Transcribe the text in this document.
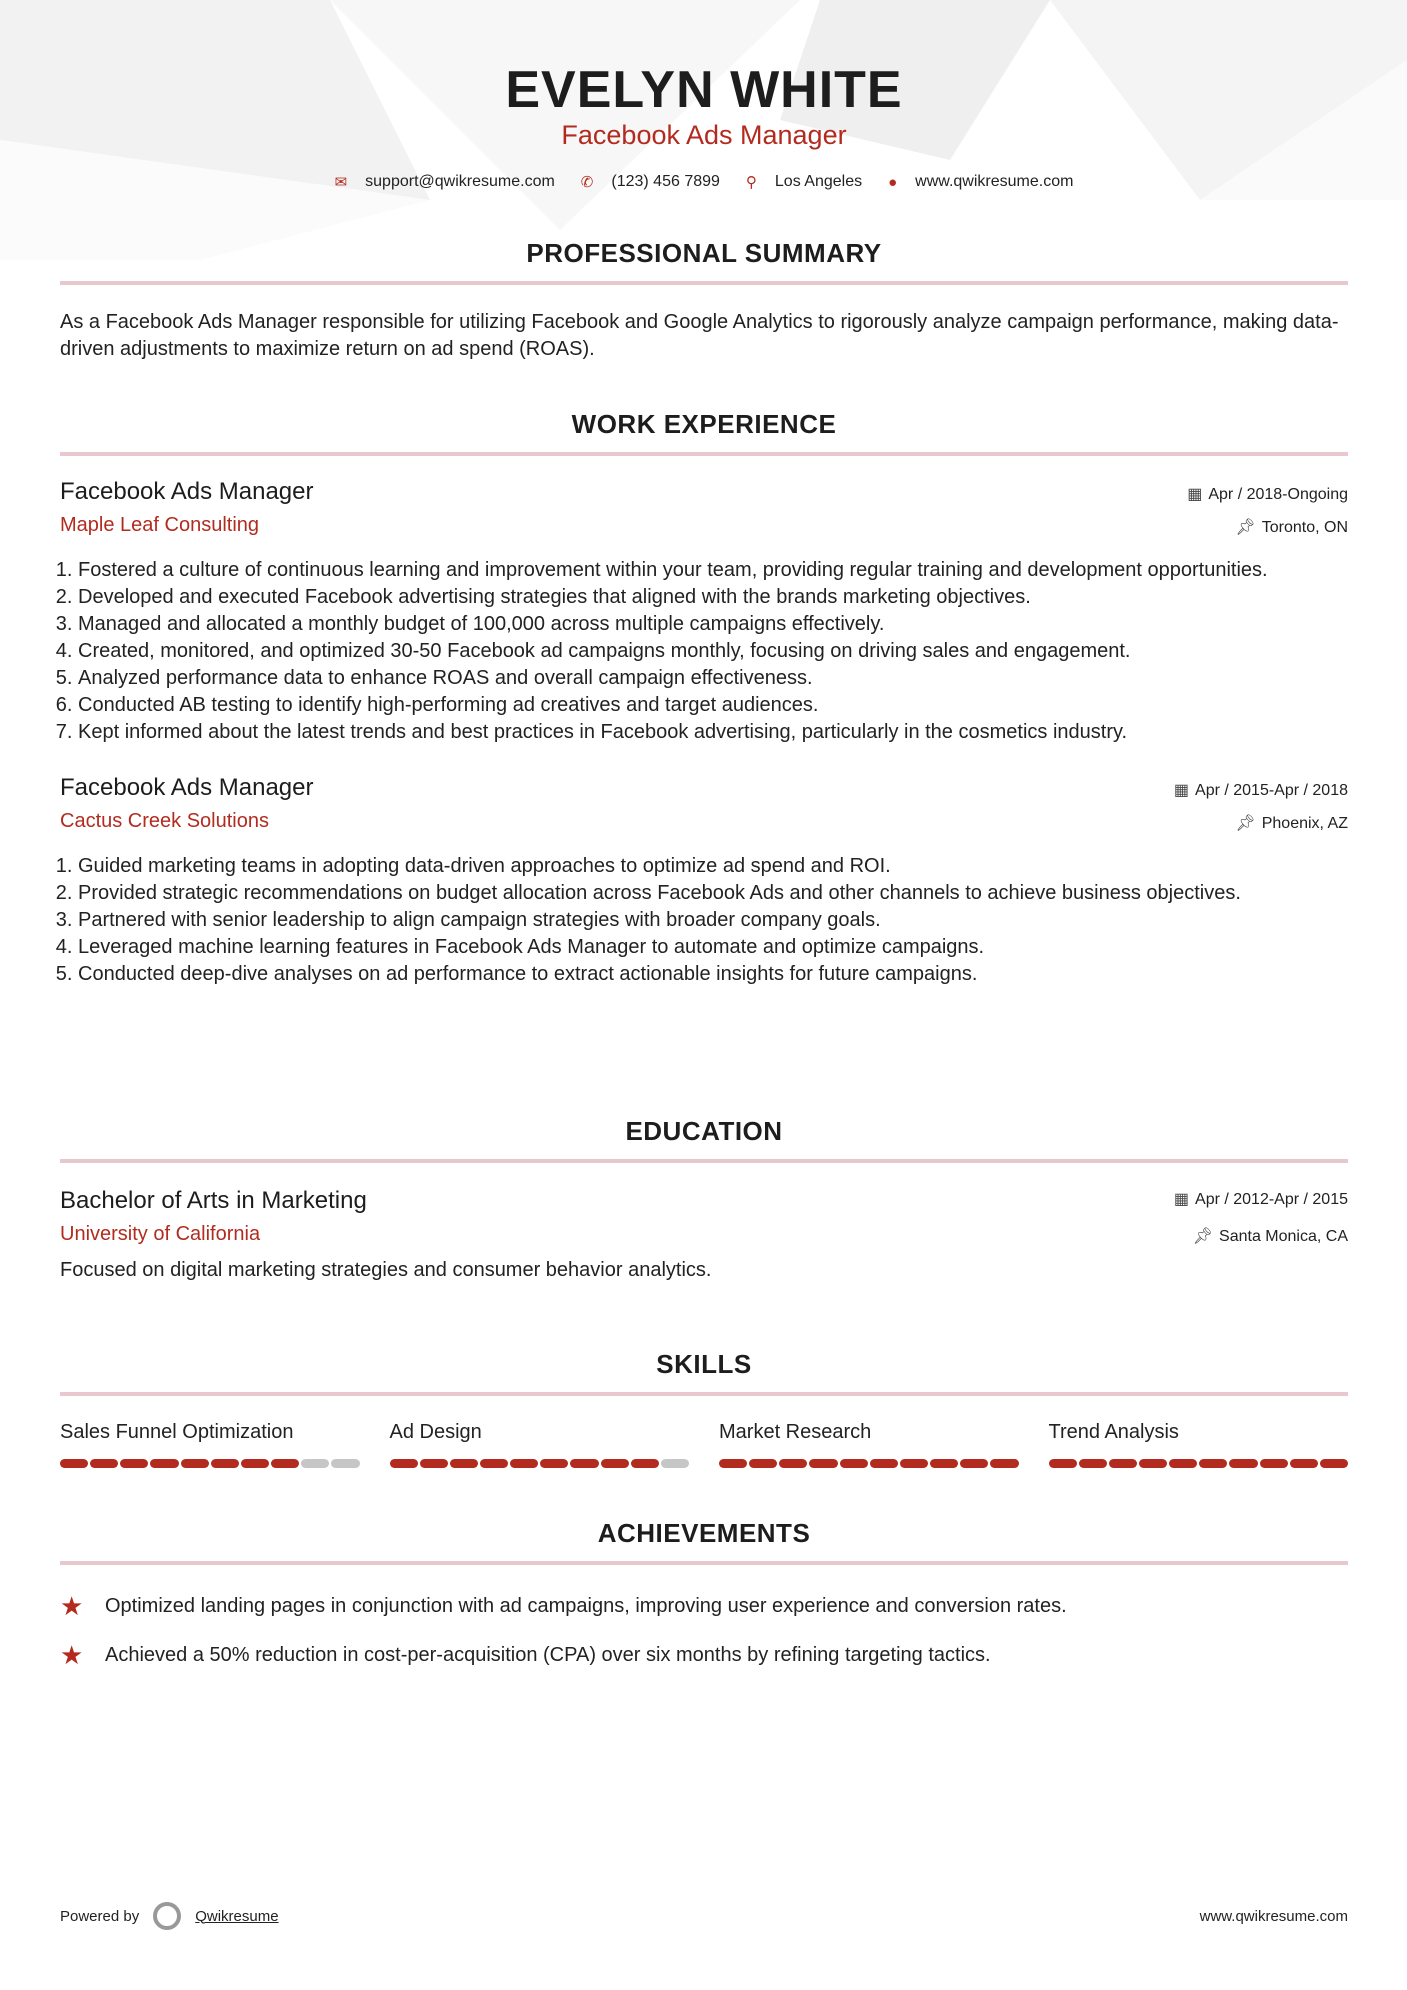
EVELYN WHITE
Facebook Ads Manager
✉ support@qwikresume.com ✆ (123) 456 7899 ⚲ Los Angeles ● www.qwikresume.com
PROFESSIONAL SUMMARY

As a Facebook Ads Manager responsible for utilizing Facebook and Google Analytics to rigorously analyze campaign performance, making data-driven adjustments to maximize return on ad spend (ROAS).

WORK EXPERIENCE
Facebook Ads Manager
Maple Leaf Consulting
▦ Apr / 2018-Ongoing
📌︎ Toronto, ON
1. Fostered a culture of continuous learning and improvement within your team, providing regular training and development opportunities.
2. Developed and executed Facebook advertising strategies that aligned with the brands marketing objectives.
3. Managed and allocated a monthly budget of 100,000 across multiple campaigns effectively.
4. Created, monitored, and optimized 30-50 Facebook ad campaigns monthly, focusing on driving sales and engagement.
5. Analyzed performance data to enhance ROAS and overall campaign effectiveness.
6. Conducted AB testing to identify high-performing ad creatives and target audiences.
7. Kept informed about the latest trends and best practices in Facebook advertising, particularly in the cosmetics industry.
Facebook Ads Manager
Cactus Creek Solutions
▦ Apr / 2015-Apr / 2018
📌︎ Phoenix, AZ
1. Guided marketing teams in adopting data-driven approaches to optimize ad spend and ROI.
2. Provided strategic recommendations on budget allocation across Facebook Ads and other channels to achieve business objectives.
3. Partnered with senior leadership to align campaign strategies with broader company goals.
4. Leveraged machine learning features in Facebook Ads Manager to automate and optimize campaigns.
5. Conducted deep-dive analyses on ad performance to extract actionable insights for future campaigns.
EDUCATION
Bachelor of Arts in Marketing
University of California
▦ Apr / 2012-Apr / 2015
📌︎ Santa Monica, CA

Focused on digital marketing strategies and consumer behavior analytics.

SKILLS
Sales Funnel Optimization	Ad Design	Market Research	Trend Analysis
ACHIEVEMENTS
★	Optimized landing pages in conjunction with ad campaigns, improving user experience and conversion rates.
★	Achieved a 50% reduction in cost-per-acquisition (CPA) over six months by refining targeting tactics.
Powered by	Qwikresume	www.qwikresume.com
